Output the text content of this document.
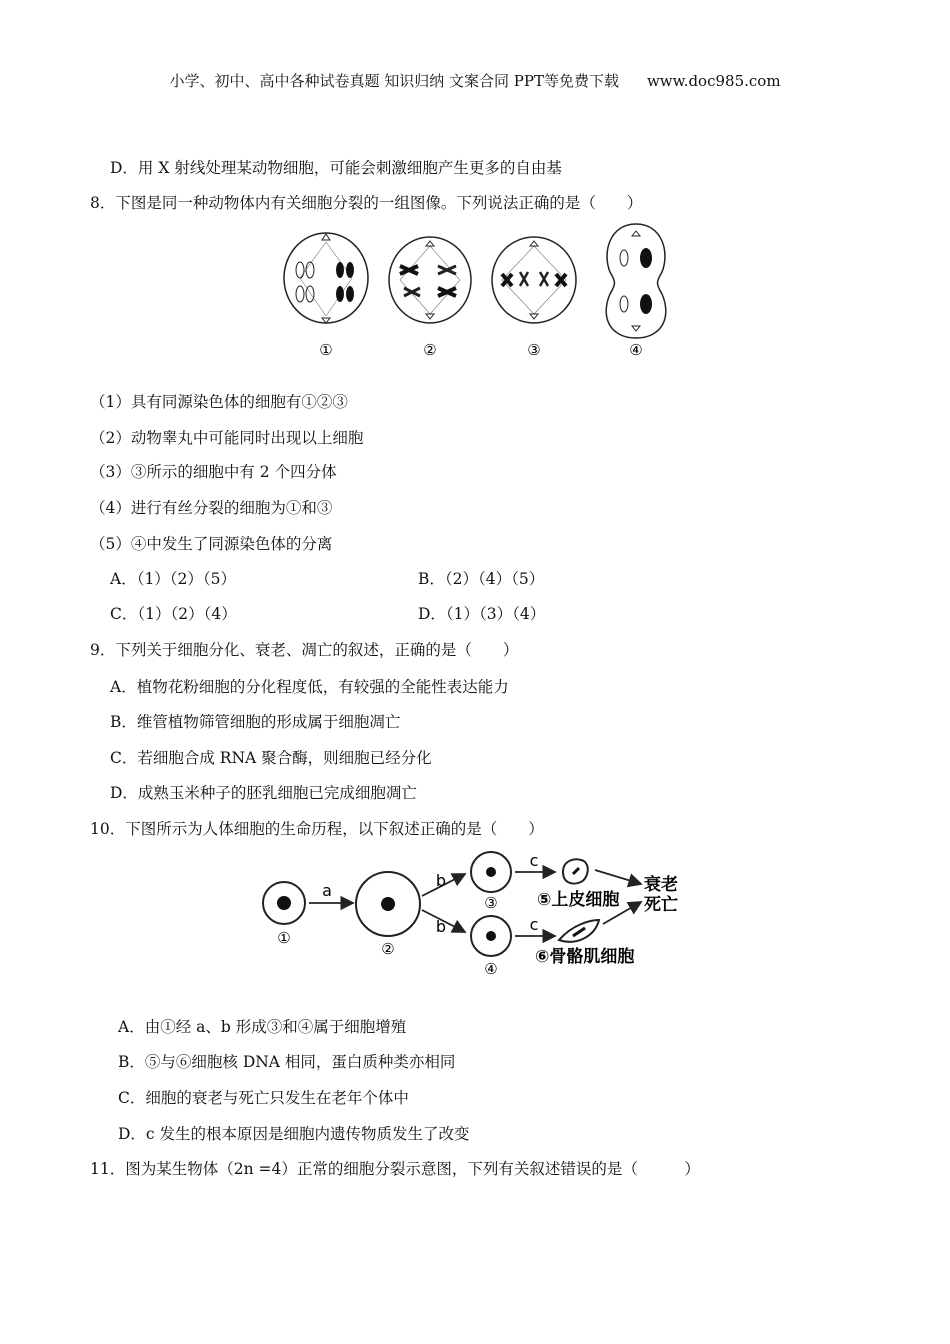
小学、初中、高中各种试卷真题 知识归纳 文案合同 PPT等免费下载 www.doc985.com
D．用 X 射线处理某动物细胞，可能会刺激细胞产生更多的自由基
8．下图是同一种动物体内有关细胞分裂的一组图像。下列说法正确的是（　　）
①	②	③	④
（1）具有同源染色体的细胞有①②③
（2）动物睾丸中可能同时出现以上细胞
（3）③所示的细胞中有 2 个四分体
（4）进行有丝分裂的细胞为①和③
（5）④中发生了同源染色体的分离
A．（1）（2）（5）	B．（2）（4）（5）
C．（1）（2）（4）	D．（1）（3）（4）
9．下列关于细胞分化、衰老、凋亡的叙述，正确的是（　　）
A．植物花粉细胞的分化程度低，有较强的全能性表达能力
B．维管植物筛管细胞的形成属于细胞凋亡
C．若细胞合成 RNA 聚合酶，则细胞已经分化
D．成熟玉米种子的胚乳细胞已完成细胞凋亡
10．下图所示为人体细胞的生命历程，以下叙述正确的是（　　）
①
a
②
b
b
③
④
c
c
⑤上皮细胞
⑥骨骼肌细胞
衰老
死亡
A．由①经 a、b 形成③和④属于细胞增殖
B．⑤与⑥细胞核 DNA 相同，蛋白质种类亦相同
C．细胞的衰老与死亡只发生在老年个体中
D．c 发生的根本原因是细胞内遗传物质发生了改变
11．图为某生物体（2n =4）正常的细胞分裂示意图，下列有关叙述错误的是（　　　）
